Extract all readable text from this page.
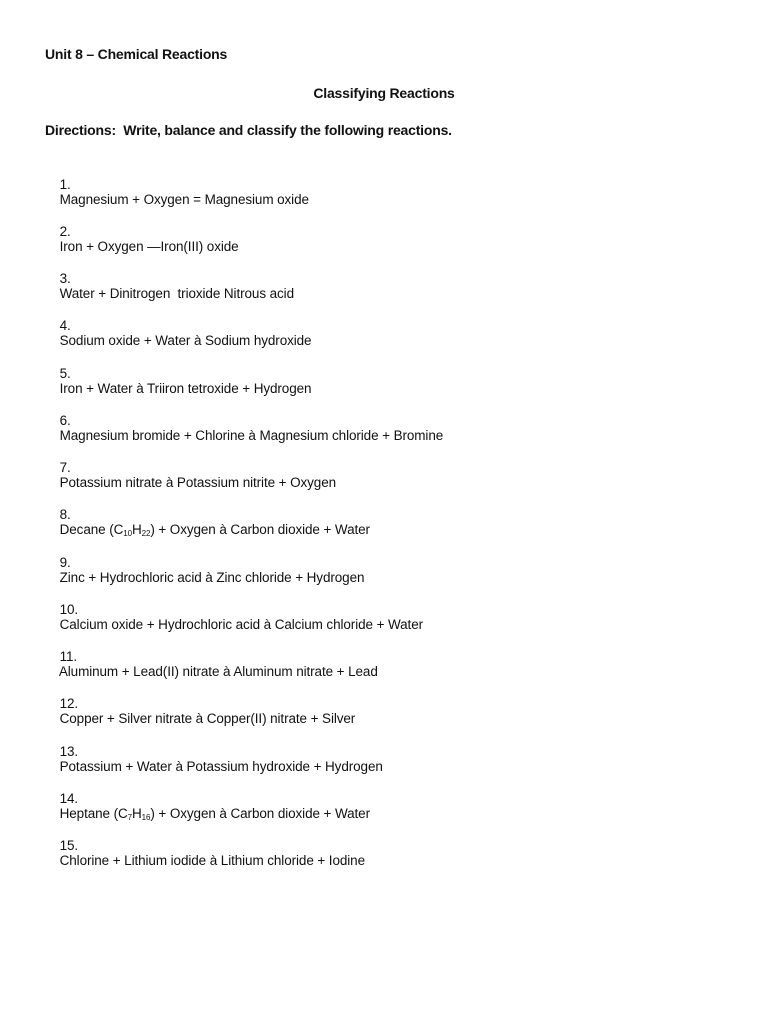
Unit 8 – Chemical Reactions
Classifying Reactions
Directions:  Write, balance and classify the following reactions.

1.
Magnesium + Oxygen = Magnesium oxide

2.
Iron + Oxygen —Iron(III) oxide

3.
Water + Dinitrogen  trioxide Nitrous acid

4.
Sodium oxide + Water à Sodium hydroxide

5.
Iron + Water à Triiron tetroxide + Hydrogen

6.
Magnesium bromide + Chlorine à Magnesium chloride + Bromine

7.
Potassium nitrate à Potassium nitrite + Oxygen

8.
Decane $(C_{10}H_{22})$ + Oxygen à Carbon dioxide + Water

9.
Zinc + Hydrochloric acid à Zinc chloride + Hydrogen

10.
Calcium oxide + Hydrochloric acid à Calcium chloride + Water

11.
Aluminum + Lead(II) nitrate à Aluminum nitrate + Lead

12.
Copper + Silver nitrate à Copper(II) nitrate + Silver

13.
Potassium + Water à Potassium hydroxide + Hydrogen

14.
Heptane $(C_7H_{16})$ + Oxygen à Carbon dioxide + Water

15.
Chlorine + Lithium iodide à Lithium chloride + Iodine
